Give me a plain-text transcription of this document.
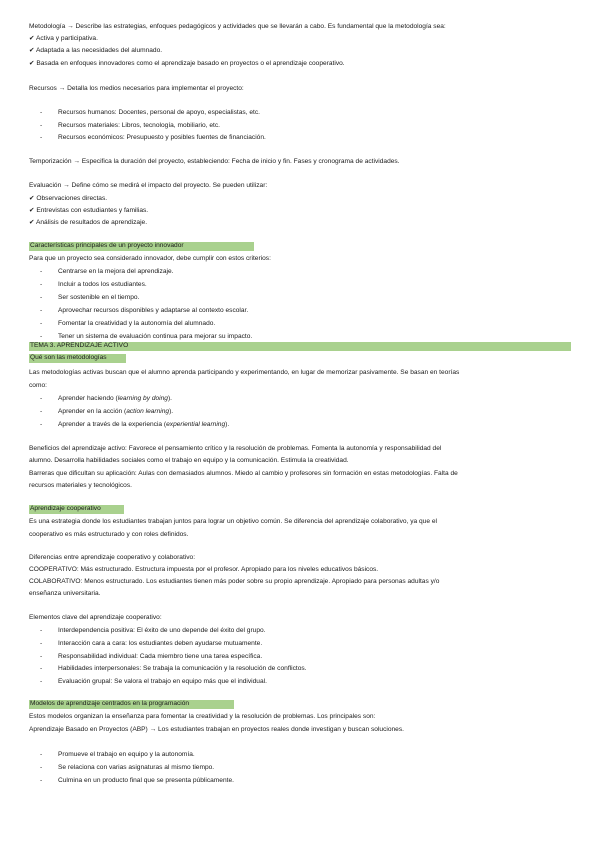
Metodología → Describe las estrategias, enfoques pedagógicos y actividades que se llevarán a cabo. Es fundamental que la metodología sea:
✔ Activa y participativa.
✔ Adaptada a las necesidades del alumnado.
✔ Basada en enfoques innovadores como el aprendizaje basado en proyectos o el aprendizaje cooperativo.
Recursos → Detalla los medios necesarios para implementar el proyecto:
- Recursos humanos: Docentes, personal de apoyo, especialistas, etc.
- Recursos materiales: Libros, tecnología, mobiliario, etc.
- Recursos económicos: Presupuesto y posibles fuentes de financiación.
Temporización → Especifica la duración del proyecto, estableciendo: Fecha de inicio y fin. Fases y cronograma de actividades.
Evaluación → Define cómo se medirá el impacto del proyecto. Se pueden utilizar:
✔ Observaciones directas.
✔ Entrevistas con estudiantes y familias.
✔ Análisis de resultados de aprendizaje.
Características principales de un proyecto innovador
Para que un proyecto sea considerado innovador, debe cumplir con estos criterios:
- Centrarse en la mejora del aprendizaje.
- Incluir a todos los estudiantes.
- Ser sostenible en el tiempo.
- Aprovechar recursos disponibles y adaptarse al contexto escolar.
- Fomentar la creatividad y la autonomía del alumnado.
- Tener un sistema de evaluación continua para mejorar su impacto.
TEMA 3. APRENDIZAJE ACTIVO
Qué son las metodologías
Las metodologías activas buscan que el alumno aprenda participando y experimentando, en lugar de memorizar pasivamente. Se basan en teorías
como:
- Aprender haciendo (learning by doing).
- Aprender en la acción (action learning).
- Aprender a través de la experiencia (experiential learning).
Beneficios del aprendizaje activo: Favorece el pensamiento crítico y la resolución de problemas. Fomenta la autonomía y responsabilidad del
alumno. Desarrolla habilidades sociales como el trabajo en equipo y la comunicación. Estimula la creatividad.
Barreras que dificultan su aplicación: Aulas con demasiados alumnos. Miedo al cambio y profesores sin formación en estas metodologías. Falta de
recursos materiales y tecnológicos.
Aprendizaje cooperativo
Es una estrategia donde los estudiantes trabajan juntos para lograr un objetivo común. Se diferencia del aprendizaje colaborativo, ya que el
cooperativo es más estructurado y con roles definidos.
Diferencias entre aprendizaje cooperativo y colaborativo:
COOPERATIVO: Más estructurado. Estructura impuesta por el profesor. Apropiado para los niveles educativos básicos.
COLABORATIVO: Menos estructurado. Los estudiantes tienen más poder sobre su propio aprendizaje. Apropiado para personas adultas y/o
enseñanza universitaria.
Elementos clave del aprendizaje cooperativo:
- Interdependencia positiva: El éxito de uno depende del éxito del grupo.
- Interacción cara a cara: los estudiantes deben ayudarse mutuamente.
- Responsabilidad individual: Cada miembro tiene una tarea específica.
- Habilidades interpersonales: Se trabaja la comunicación y la resolución de conflictos.
- Evaluación grupal: Se valora el trabajo en equipo más que el individual.
Modelos de aprendizaje centrados en la programación
Estos modelos organizan la enseñanza para fomentar la creatividad y la resolución de problemas. Los principales son:
Aprendizaje Basado en Proyectos (ABP) → Los estudiantes trabajan en proyectos reales donde investigan y buscan soluciones.
- Promueve el trabajo en equipo y la autonomía.
- Se relaciona con varias asignaturas al mismo tiempo.
- Culmina en un producto final que se presenta públicamente.
